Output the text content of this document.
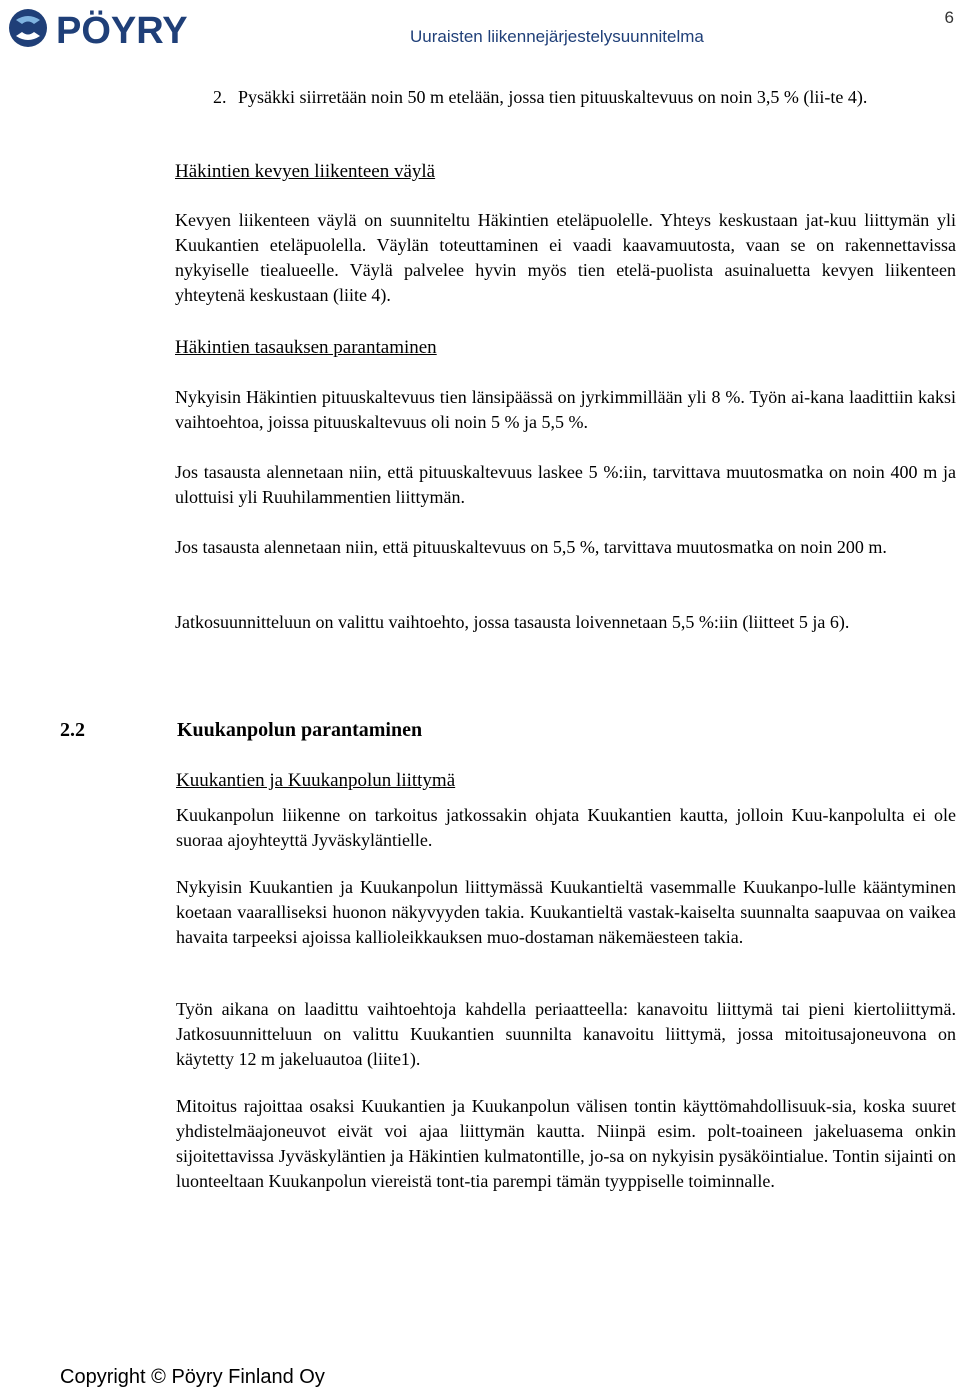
PÖYRY	Uuraisten liikennejärjestelysuunnitelma
6
2. Pysäkki siirretään noin 50 m etelään, jossa tien pituuskaltevuus on noin 3,5 % (lii-te 4).
Häkintien kevyen liikenteen väylä
Kevyen liikenteen väylä on suunniteltu Häkintien eteläpuolelle. Yhteys keskustaan jat-kuu liittymän yli Kuukantien eteläpuolella. Väylän toteuttaminen ei vaadi kaavamuutosta, vaan se on rakennettavissa nykyiselle tiealueelle. Väylä palvelee hyvin myös tien etelä-puolista asuinaluetta kevyen liikenteen yhteytenä keskustaan (liite 4).
Häkintien tasauksen parantaminen
Nykyisin Häkintien pituuskaltevuus tien länsipäässä on jyrkimmillään yli 8 %. Työn ai-kana laadittiin kaksi vaihtoehtoa, joissa pituuskaltevuus oli noin 5 % ja 5,5 %.
Jos tasausta alennetaan niin, että pituuskaltevuus laskee 5 %:iin, tarvittava muutosmatka on noin 400 m ja ulottuisi yli Ruuhilammentien liittymän.
Jos tasausta alennetaan niin, että pituuskaltevuus on 5,5 %, tarvittava muutosmatka on noin 200 m.
Jatkosuunnitteluun on valittu vaihtoehto, jossa tasausta loivennetaan 5,5 %:iin (liitteet 5 ja 6).
2.2	Kuukanpolun parantaminen
Kuukantien ja Kuukanpolun liittymä
Kuukanpolun liikenne on tarkoitus jatkossakin ohjata Kuukantien kautta, jolloin Kuu-kanpolulta ei ole suoraa ajoyhteyttä Jyväskyläntielle.
Nykyisin Kuukantien ja Kuukanpolun liittymässä Kuukantieltä vasemmalle Kuukanpo-lulle kääntyminen koetaan vaaralliseksi huonon näkyvyyden takia. Kuukantieltä vastak-kaiselta suunnalta saapuvaa on vaikea havaita tarpeeksi ajoissa kallioleikkauksen muo-dostaman näkemäesteen takia.
Työn aikana on laadittu vaihtoehtoja kahdella periaatteella: kanavoitu liittymä tai pieni kiertoliittymä. Jatkosuunnitteluun on valittu Kuukantien suunnilta kanavoitu liittymä, jossa mitoitusajoneuvona on käytetty 12 m jakeluautoa (liite1).
Mitoitus rajoittaa osaksi Kuukantien ja Kuukanpolun välisen tontin käyttömahdollisuuk-sia, koska suuret yhdistelmäajoneuvot eivät voi ajaa liittymän kautta. Niinpä esim. polt-toaineen jakeluasema onkin sijoitettavissa Jyväskyläntien ja Häkintien kulmatontille, jo-sa on nykyisin pysäköintialue. Tontin sijainti on luonteeltaan Kuukanpolun viereistä tont-tia parempi tämän tyyppiselle toiminnalle.
Copyright © Pöyry Finland Oy
